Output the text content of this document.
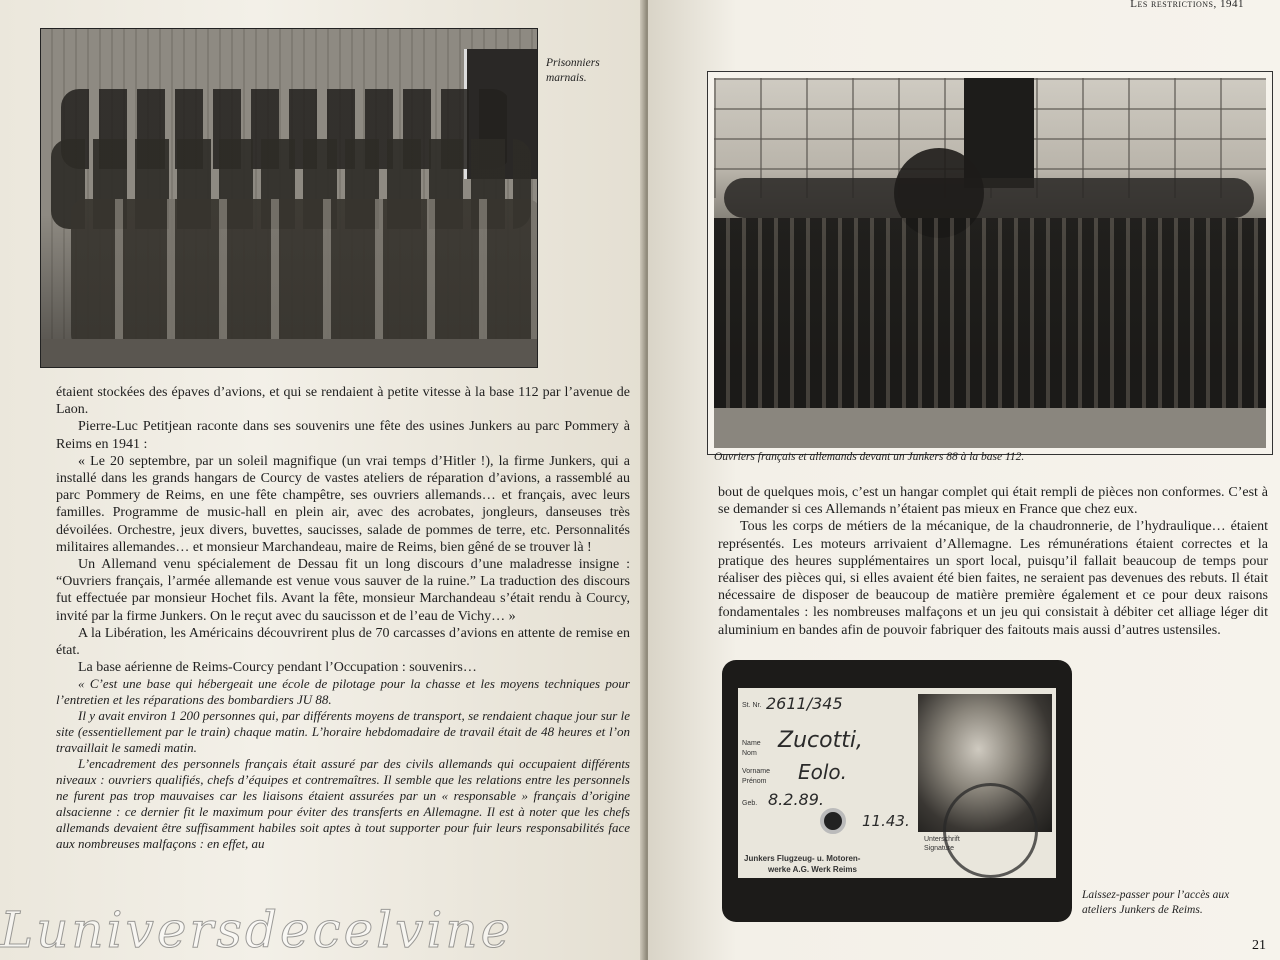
Prisonniers marnais.

étaient stockées des épaves d’avions, et qui se rendaient à petite vitesse à la base 112 par l’avenue de Laon.

Pierre-Luc Petitjean raconte dans ses souvenirs une fête des usines Junkers au parc Pommery à Reims en 1941 :

« Le 20 septembre, par un soleil magnifique (un vrai temps d’Hitler !), la firme Junkers, qui a installé dans les grands hangars de Courcy de vastes ateliers de réparation d’avions, a rassemblé au parc Pommery de Reims, en une fête champêtre, ses ouvriers allemands… et français, avec leurs familles. Programme de music-hall en plein air, avec des acrobates, jongleurs, danseuses très dévoilées. Orchestre, jeux divers, buvettes, saucisses, salade de pommes de terre, etc. Personnalités militaires allemandes… et monsieur Marchandeau, maire de Reims, bien gêné de se trouver là !

Un Allemand venu spécialement de Dessau fit un long discours d’une maladresse insigne : “Ouvriers français, l’armée allemande est venue vous sauver de la ruine.” La traduction des discours fut effectuée par monsieur Hochet fils. Avant la fête, monsieur Marchandeau s’était rendu à Courcy, invité par la firme Junkers. On le reçut avec du saucisson et de l’eau de Vichy… »

A la Libération, les Américains découvrirent plus de 70 carcasses d’avions en attente de remise en état.

La base aérienne de Reims-Courcy pendant l’Occupation : souvenirs…

« C’est une base qui hébergeait une école de pilotage pour la chasse et les moyens techniques pour l’entretien et les réparations des bombardiers JU 88.

Il y avait environ 1 200 personnes qui, par différents moyens de transport, se rendaient chaque jour sur le site (essentiellement par le train) chaque matin. L’horaire hebdomadaire de travail était de 48 heures et l’on travaillait le samedi matin.

L’encadrement des personnels français était assuré par des civils allemands qui occupaient différents niveaux : ouvriers qualifiés, chefs d’équipes et contremaîtres. Il semble que les relations entre les personnels ne furent pas trop mauvaises car les liaisons étaient assurées par un « responsable » français d’origine alsacienne : ce dernier fit le maximum pour éviter des transferts en Allemagne. Il est à noter que les chefs allemands devaient être suffisamment habiles soit aptes à tout supporter pour fuir leurs responsabilités face aux nombreuses malfaçons : en effet, au

Les restrictions, 1941
Ouvriers français et allemands devant un Junkers 88 à la base 112.

bout de quelques mois, c’est un hangar complet qui était rempli de pièces non conformes. C’est à se demander si ces Allemands n’étaient pas mieux en France que chez eux.

Tous les corps de métiers de la mécanique, de la chaudronnerie, de l’hydraulique… étaient représentés. Les moteurs arrivaient d’Allemagne. Les rémunérations étaient correctes et la pratique des heures supplémentaires un sport local, puisqu’il fallait beaucoup de temps pour réaliser des pièces qui, si elles avaient été bien faites, ne seraient pas devenues des rebuts. Il était nécessaire de disposer de beaucoup de matière première également et ce pour deux raisons fondamentales : les nombreuses malfaçons et un jeu qui consistait à débiter cet alliage léger dit aluminium en bandes afin de pouvoir fabriquer des faitouts mais aussi d’autres ustensiles.

Laissez-passer pour l’accès aux ateliers Junkers de Reims.
21
St. Nr. 2611/345
Name
Nom
Zucotti,
Vorname
Prénom Eolo.
Geb. 8.2.89.
11.43.
Unterschrift
Signature
Junkers Flugzeug- u. Motoren-
werke A.G. Werk Reims
Luniversdecelvine
